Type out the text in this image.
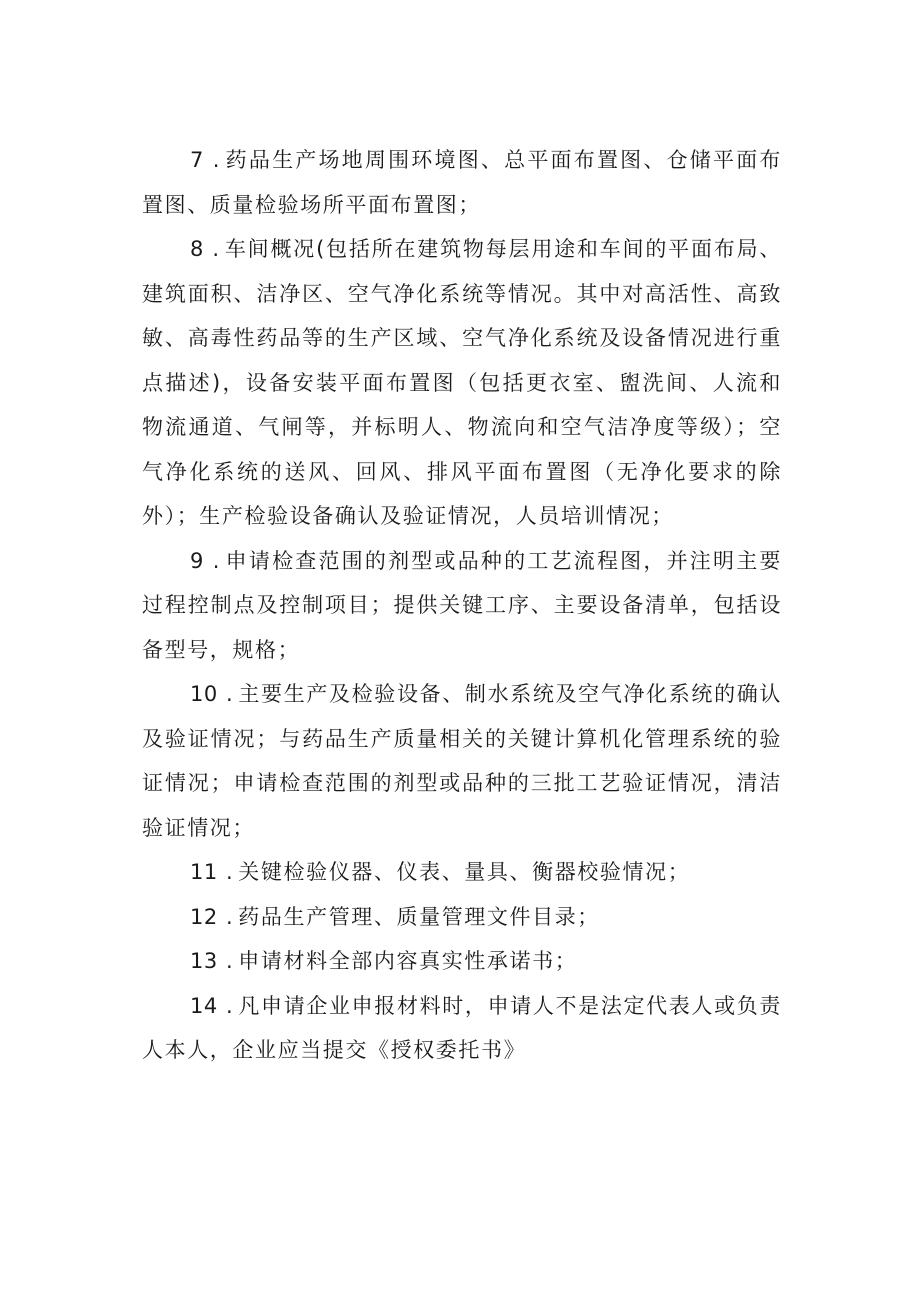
7 . 药品生产场地周围环境图、总平面布置图、仓储平面布置图、质量检验场所平面布置图；

8 . 车间概况(包括所在建筑物每层用途和车间的平面布局、建筑面积、洁净区、空气净化系统等情况。其中对高活性、高致敏、高毒性药品等的生产区域、空气净化系统及设备情况进行重点描述)，设备安装平面布置图（包括更衣室、盥洗间、人流和物流通道、气闸等，并标明人、物流向和空气洁净度等级）；空气净化系统的送风、回风、排风平面布置图（无净化要求的除外）；生产检验设备确认及验证情况，人员培训情况；

9 . 申请检查范围的剂型或品种的工艺流程图，并注明主要过程控制点及控制项目；提供关键工序、主要设备清单，包括设备型号，规格；

10 . 主要生产及检验设备、制水系统及空气净化系统的确认及验证情况；与药品生产质量相关的关键计算机化管理系统的验证情况；申请检查范围的剂型或品种的三批工艺验证情况，清洁验证情况；

11 . 关键检验仪器、仪表、量具、衡器校验情况；

12 . 药品生产管理、质量管理文件目录；

13 . 申请材料全部内容真实性承诺书；

14 . 凡申请企业申报材料时，申请人不是法定代表人或负责人本人，企业应当提交《授权委托书》
